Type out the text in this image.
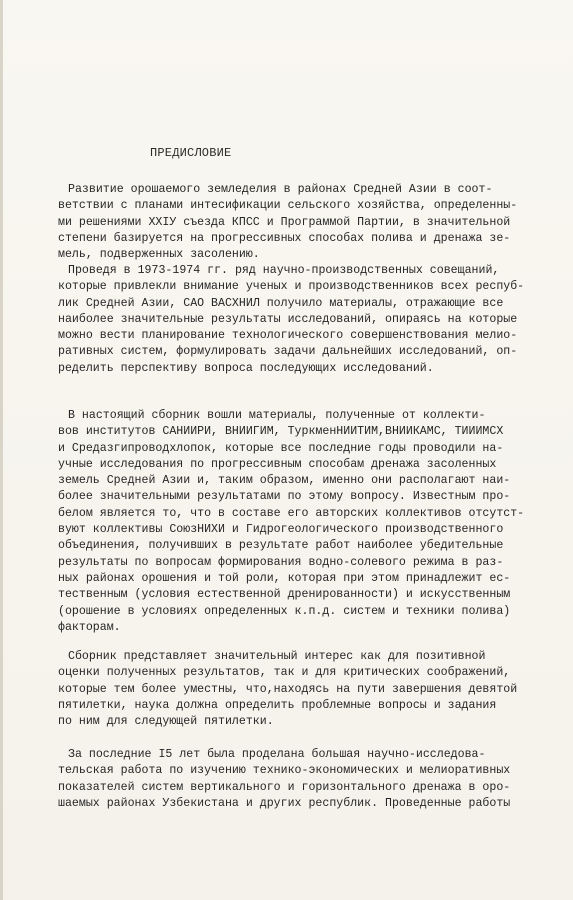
ПРЕДИСЛОВИЕ
Развитие орошаемого земледелия в районах Средней Азии в соот-
ветствии с планами интесификации сельского хозяйства, определенны-
ми решениями XXIУ съезда КПСС и Программой Партии, в значительной
степени базируется на прогрессивных способах полива и дренажа зе-
мель, подверженных засолению.
Проведя в 1973-1974 гг. ряд научно-производственных совещаний,
которые привлекли внимание ученых и производственников всех респуб-
лик Средней Азии, САО ВАСХНИЛ получило материалы, отражающие все
наиболее значительные результаты исследований, опираясь на которые
можно вести планирование технологического совершенствования мелио-
ративных систем, формулировать задачи дальнейших исследований, оп-
ределить перспективу вопроса последующих исследований.
В настоящий сборник вошли материалы, полученные от коллекти-
вов институтов САНИИРИ, ВНИИГИМ, ТуркменНИИТИМ,ВНИИКАМС, ТИИИМСХ
и Средазгипроводхлопок, которые все последние годы проводили на-
учные исследования по прогрессивным способам дренажа засоленных
земель Средней Азии и, таким образом, именно они располагают наи-
более значительными результатами по этому вопросу. Известным про-
белом является то, что в составе его авторских коллективов отсутст-
вуют коллективы СоюзНИХИ и Гидрогеологического производственного
объединения, получивших в результате работ наиболее убедительные
результаты по вопросам формирования водно-солевого режима в раз-
ных районах орошения и той роли, которая при этом принадлежит ес-
тественным (условия естественной дренированности) и искусственным
(орошение в условиях определенных к.п.д. систем и техники полива)
факторам.
Сборник представляет значительный интерес как для позитивной
оценки полученных результатов, так и для критических соображений,
которые тем более уместны, что,находясь на пути завершения девятой
пятилетки, наука должна определить проблемные вопросы и задания
по ним для следующей пятилетки.
За последние I5 лет была проделана большая научно-исследова-
тельская работа по изучению технико-экономических и мелиоративных
показателей систем вертикального и горизонтального дренажа в оро-
шаемых районах Узбекистана и других республик. Проведенные работы
